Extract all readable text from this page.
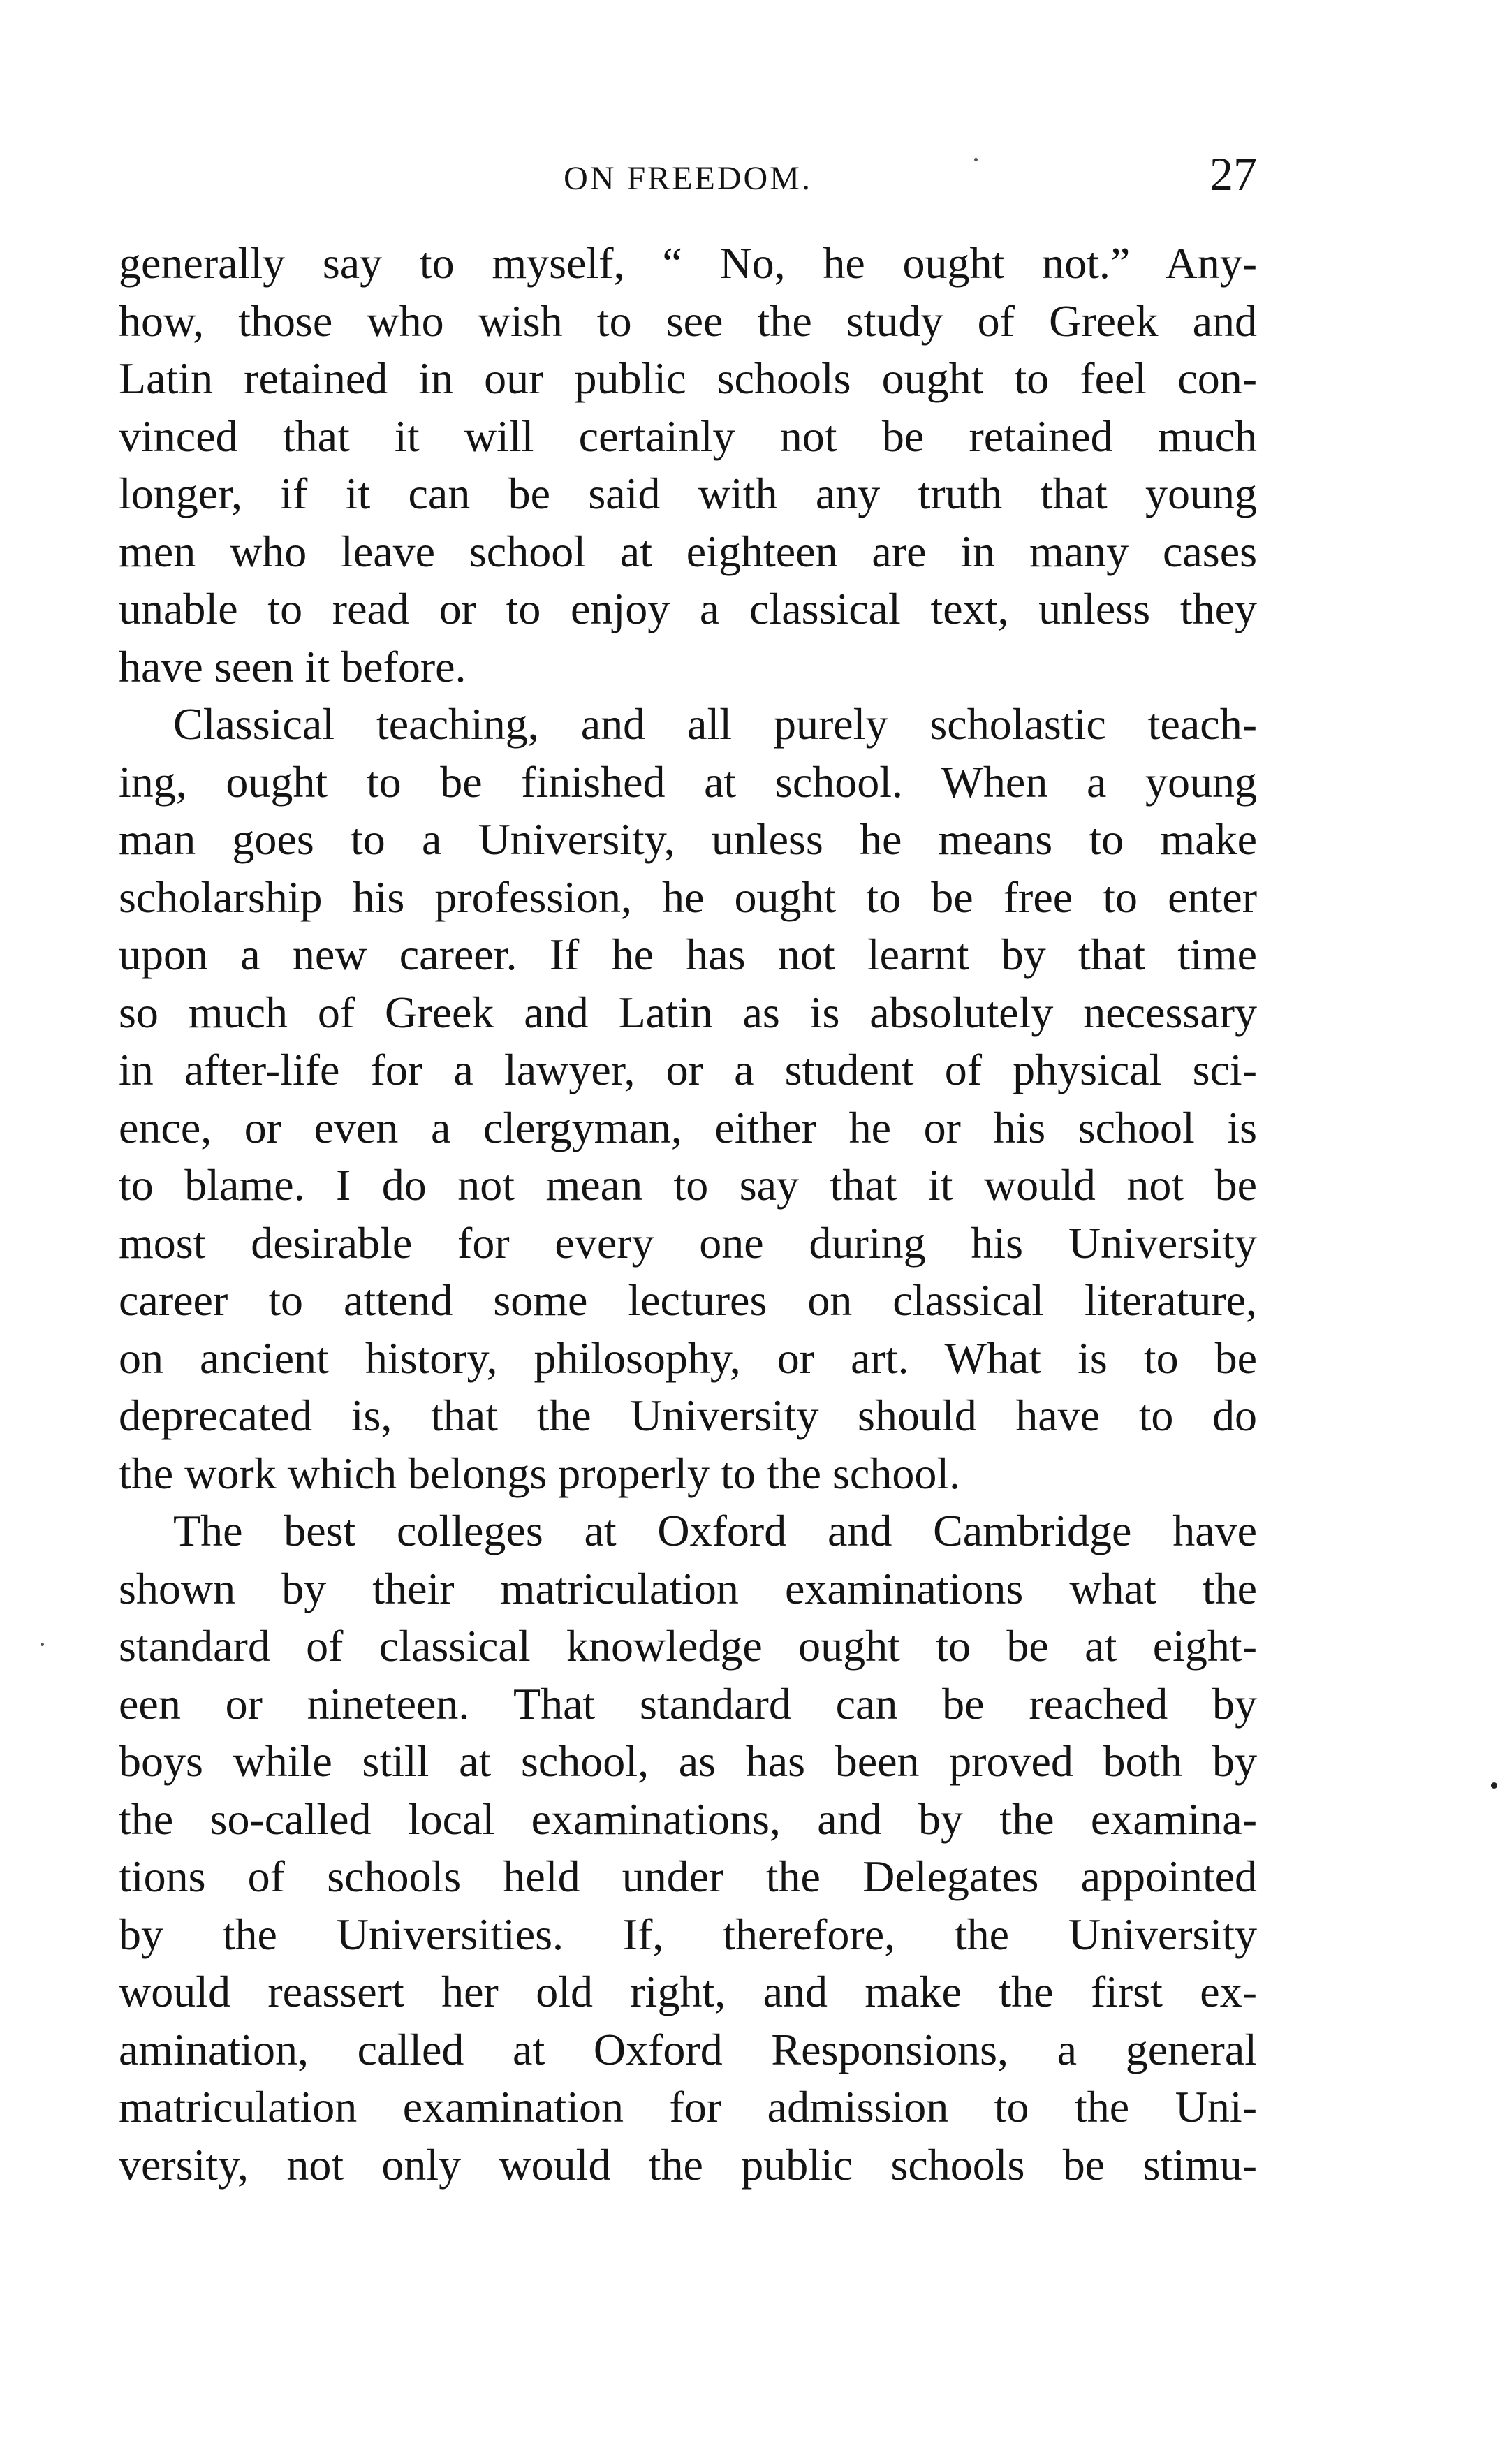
ON FREEDOM.	27
generally say to myself, “ No, he ought not.” Any-
how, those who wish to see the study of Greek and
Latin retained in our public schools ought to feel con-
vinced that it will certainly not be retained much
longer, if it can be said with any truth that young
men who leave school at eighteen are in many cases
unable to read or to enjoy a classical text, unless they
have seen it before.
Classical teaching, and all purely scholastic teach-
ing, ought to be finished at school. When a young
man goes to a University, unless he means to make
scholarship his profession, he ought to be free to enter
upon a new career. If he has not learnt by that time
so much of Greek and Latin as is absolutely necessary
in after-life for a lawyer, or a student of physical sci-
ence, or even a clergyman, either he or his school is
to blame. I do not mean to say that it would not be
most desirable for every one during his University
career to attend some lectures on classical literature,
on ancient history, philosophy, or art. What is to be
deprecated is, that the University should have to do
the work which belongs properly to the school.
The best colleges at Oxford and Cambridge have
shown by their matriculation examinations what the
standard of classical knowledge ought to be at eight-
een or nineteen. That standard can be reached by
boys while still at school, as has been proved both by
the so-called local examinations, and by the examina-
tions of schools held under the Delegates appointed
by the Universities. If, therefore, the University
would reassert her old right, and make the first ex-
amination, called at Oxford Responsions, a general
matriculation examination for admission to the Uni-
versity, not only would the public schools be stimu-
